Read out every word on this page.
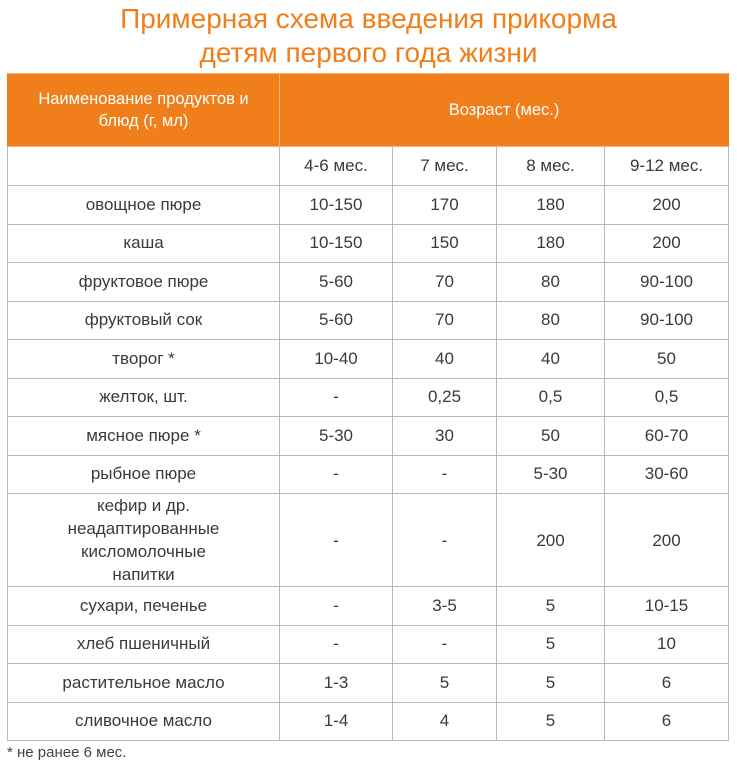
Примерная схема введения прикорма
детям первого года жизни
Наименование продуктов и блюд (г, мл)	Возраст (мес.)			
	4-6 мес.	7 мес.	8 мес.	9-12 мес.
овощное пюре	10-150	170	180	200
каша	10-150	150	180	200
фруктовое пюре	5-60	70	80	90-100
фруктовый сок	5-60	70	80	90-100
творог *	10-40	40	40	50
желток, шт.	-	0,25	0,5	0,5
мясное пюре *	5-30	30	50	60-70
рыбное пюре	-	-	5-30	30-60
кефир и др. неадаптированные кисломолочные напитки	-	-	200	200
сухари, печенье	-	3-5	5	10-15
хлеб пшеничный	-	-	5	10
растительное масло	1-3	5	5	6
сливочное масло	1-4	4	5	6
* не ранее 6 мес.
